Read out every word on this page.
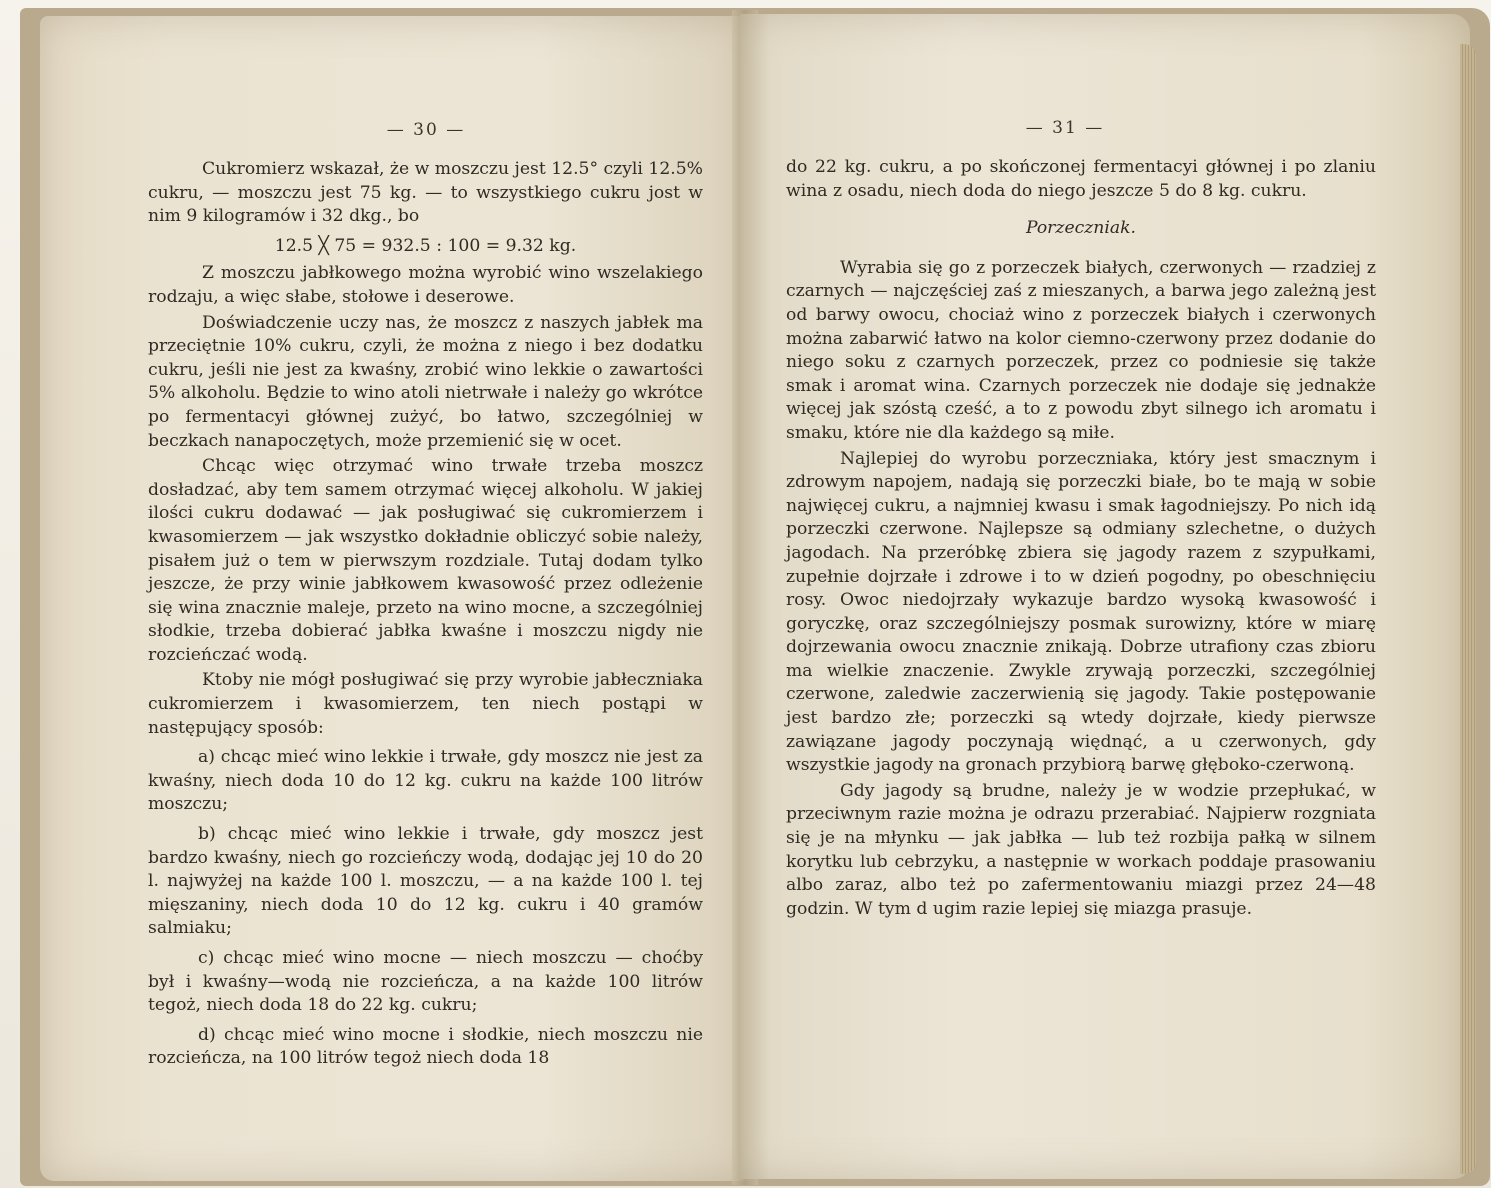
— 30 —

Cukromierz wskazał, że w moszczu jest 12.5° czyli 12.5% cukru, — moszczu jest 75 kg. — to wszystkiego cukru jost w nim 9 kilogramów i 32 dkg., bo

12.5 ╳ 75 = 932.5 : 100 = 9.32 kg.

Z moszczu jabłkowego można wyrobić wino wszelakiego rodzaju, a więc słabe, stołowe i deserowe.

Doświadczenie uczy nas, że moszcz z naszych jabłek ma przeciętnie 10% cukru, czyli, że można z niego i bez dodatku cukru, jeśli nie jest za kwaśny, zrobić wino lekkie o zawartości 5% alkoholu. Będzie to wino atoli nietrwałe i należy go wkrótce po fermentacyi głównej zużyć, bo łatwo, szczególniej w beczkach nanapoczętych, może przemienić się w ocet.

Chcąc więc otrzymać wino trwałe trzeba moszcz dosładzać, aby tem samem otrzymać więcej alkoholu. W jakiej ilości cukru dodawać — jak posługiwać się cukromierzem i kwasomierzem — jak wszystko dokładnie obliczyć sobie należy, pisałem już o tem w pierwszym rozdziale. Tutaj dodam tylko jeszcze, że przy winie jabłkowem kwasowość przez odleżenie się wina znacznie maleje, przeto na wino mocne, a szczególniej słodkie, trzeba dobierać jabłka kwaśne i moszczu nigdy nie rozcieńczać wodą.

Ktoby nie mógł posługiwać się przy wyrobie jabłeczniaka cukromierzem i kwasomierzem, ten niech postąpi w następujący sposób:

a) chcąc mieć wino lekkie i trwałe, gdy moszcz nie jest za kwaśny, niech doda 10 do 12 kg. cukru na każde 100 litrów moszczu;

b) chcąc mieć wino lekkie i trwałe, gdy moszcz jest bardzo kwaśny, niech go rozcieńczy wodą, dodając jej 10 do 20 l. najwyżej na każde 100 l. moszczu, — a na każde 100 l. tej mięszaniny, niech doda 10 do 12 kg. cukru i 40 gramów salmiaku;

c) chcąc mieć wino mocne — niech moszczu — choćby był i kwaśny—wodą nie rozcieńcza, a na każde 100 litrów tegoż, niech doda 18 do 22 kg. cukru;

d) chcąc mieć wino mocne i słodkie, niech moszczu nie rozcieńcza, na 100 litrów tegoż niech doda 18

— 31 —

do 22 kg. cukru, a po skończonej fermentacyi głównej i po zlaniu wina z osadu, niech doda do niego jeszcze 5 do 8 kg. cukru.

Porzeczniak.

Wyrabia się go z porzeczek białych, czerwonych — rzadziej z czarnych — najczęściej zaś z mieszanych, a barwa jego zależną jest od barwy owocu, chociaż wino z porzeczek białych i czerwonych można zabarwić łatwo na kolor ciemno-czerwony przez dodanie do niego soku z czarnych porzeczek, przez co podniesie się także smak i aromat wina. Czarnych porzeczek nie dodaje się jednakże więcej jak szóstą cześć, a to z powodu zbyt silnego ich aromatu i smaku, które nie dla każdego są miłe.

Najlepiej do wyrobu porzeczniaka, który jest smacznym i zdrowym napojem, nadają się porzeczki białe, bo te mają w sobie najwięcej cukru, a najmniej kwasu i smak łagodniejszy. Po nich idą porzeczki czerwone. Najlepsze są odmiany szlechetne, o dużych jagodach. Na przeróbkę zbiera się jagody razem z szypułkami, zupełnie dojrzałe i zdrowe i to w dzień pogodny, po obeschnięciu rosy. Owoc niedojrzały wykazuje bardzo wysoką kwasowość i goryczkę, oraz szczególniejszy posmak surowizny, które w miarę dojrzewania owocu znacznie znikają. Dobrze utrafiony czas zbioru ma wielkie znaczenie. Zwykle zrywają porzeczki, szczególniej czerwone, zaledwie zaczerwienią się jagody. Takie postępowanie jest bardzo złe; porzeczki są wtedy dojrzałe, kiedy pierwsze zawiązane jagody poczynają więdnąć, a u czerwonych, gdy wszystkie jagody na gronach przybiorą barwę głęboko-czerwoną.

Gdy jagody są brudne, należy je w wodzie przepłukać, w przeciwnym razie można je odrazu przerabiać. Najpierw rozgniata się je na młynku — jak jabłka — lub też rozbija pałką w silnem korytku lub cebrzyku, a następnie w workach poddaje prasowaniu albo zaraz, albo też po zafermentowaniu miazgi przez 24—48 godzin. W tym d ugim razie lepiej się miazga prasuje.
